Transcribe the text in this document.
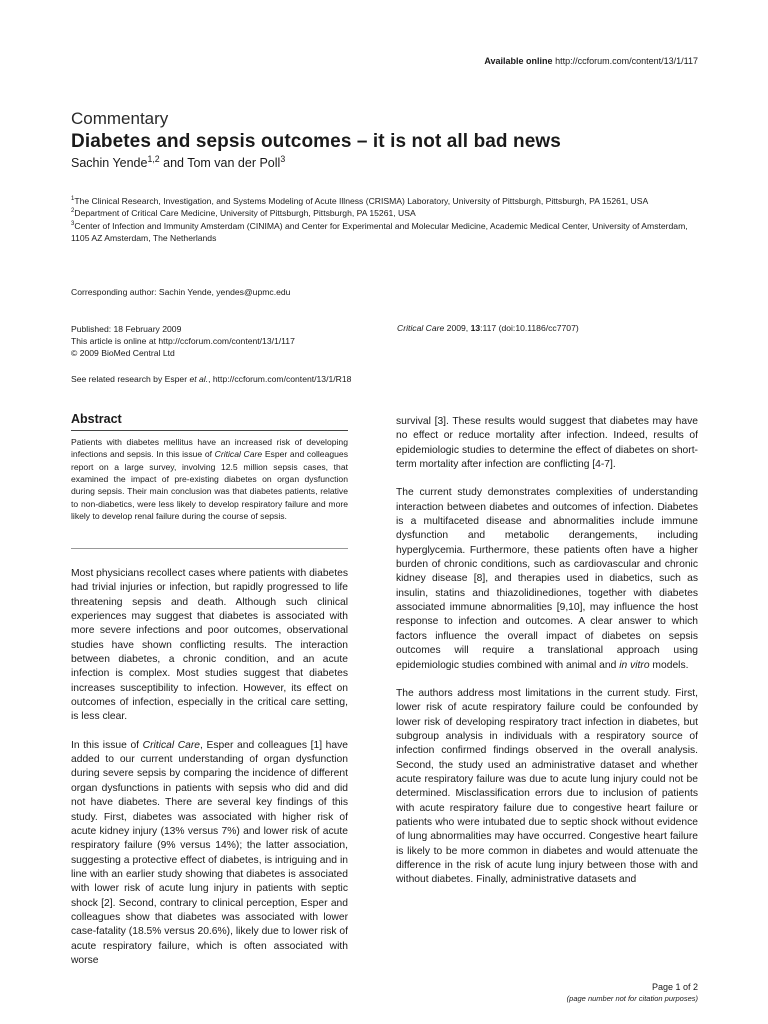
Available online http://ccforum.com/content/13/1/117
Commentary
Diabetes and sepsis outcomes – it is not all bad news
Sachin Yende$^{1,2}$ and Tom van der Poll$^3$
$^1$The Clinical Research, Investigation, and Systems Modeling of Acute Illness (CRISMA) Laboratory, University of Pittsburgh, Pittsburgh, PA 15261, USA
$^2$Department of Critical Care Medicine, University of Pittsburgh, Pittsburgh, PA 15261, USA
$^3$Center of Infection and Immunity Amsterdam (CINIMA) and Center for Experimental and Molecular Medicine, Academic Medical Center, University of Amsterdam, 1105 AZ Amsterdam, The Netherlands
Corresponding author: Sachin Yende, yendes@upmc.edu
Published: 18 February 2009
This article is online at http://ccforum.com/content/13/1/117
© 2009 BioMed Central Ltd
Critical Care 2009, 13:117 (doi:10.1186/cc7707)
See related research by Esper et al., http://ccforum.com/content/13/1/R18
Abstract
Patients with diabetes mellitus have an increased risk of developing infections and sepsis. In this issue of Critical Care Esper and colleagues report on a large survey, involving 12.5 million sepsis cases, that examined the impact of pre-existing diabetes on organ dysfunction during sepsis. Their main conclusion was that diabetes patients, relative to non-diabetics, were less likely to develop respiratory failure and more likely to develop renal failure during the course of sepsis.

Most physicians recollect cases where patients with diabetes had trivial injuries or infection, but rapidly progressed to life threatening sepsis and death. Although such clinical experiences may suggest that diabetes is associated with more severe infections and poor outcomes, observational studies have shown conflicting results. The interaction between diabetes, a chronic condition, and an acute infection is complex. Most studies suggest that diabetes increases susceptibility to infection. However, its effect on outcomes of infection, especially in the critical care setting, is less clear.

In this issue of Critical Care, Esper and colleagues [1] have added to our current understanding of organ dysfunction during severe sepsis by comparing the incidence of different organ dysfunctions in patients with sepsis who did and did not have diabetes. There are several key findings of this study. First, diabetes was associated with higher risk of acute kidney injury (13% versus 7%) and lower risk of acute respiratory failure (9% versus 14%); the latter association, suggesting a protective effect of diabetes, is intriguing and in line with an earlier study showing that diabetes is associated with lower risk of acute lung injury in patients with septic shock [2]. Second, contrary to clinical perception, Esper and colleagues show that diabetes was associated with lower case-fatality (18.5% versus 20.6%), likely due to lower risk of acute respiratory failure, which is often associated with worse

survival [3]. These results would suggest that diabetes may have no effect or reduce mortality after infection. Indeed, results of epidemiologic studies to determine the effect of diabetes on short-term mortality after infection are conflicting [4-7].

The current study demonstrates complexities of understanding interaction between diabetes and outcomes of infection. Diabetes is a multifaceted disease and abnormalities include immune dysfunction and metabolic derangements, including hyperglycemia. Furthermore, these patients often have a higher burden of chronic conditions, such as cardiovascular and chronic kidney disease [8], and therapies used in diabetics, such as insulin, statins and thiazolidinediones, together with diabetes associated immune abnormalities [9,10], may influence the host response to infection and outcomes. A clear answer to which factors influence the overall impact of diabetes on sepsis outcomes will require a translational approach using epidemiologic studies combined with animal and in vitro models.

The authors address most limitations in the current study. First, lower risk of acute respiratory failure could be confounded by lower risk of developing respiratory tract infection in diabetes, but subgroup analysis in individuals with a respiratory source of infection confirmed findings observed in the overall analysis. Second, the study used an administrative dataset and whether acute respiratory failure was due to acute lung injury could not be determined. Misclassification errors due to inclusion of patients with acute respiratory failure due to congestive heart failure or patients who were intubated due to septic shock without evidence of lung abnormalities may have occurred. Congestive heart failure is likely to be more common in diabetes and would attenuate the difference in the risk of acute lung injury between those with and without diabetes. Finally, administrative datasets and

Page 1 of 2
(page number not for citation purposes)
